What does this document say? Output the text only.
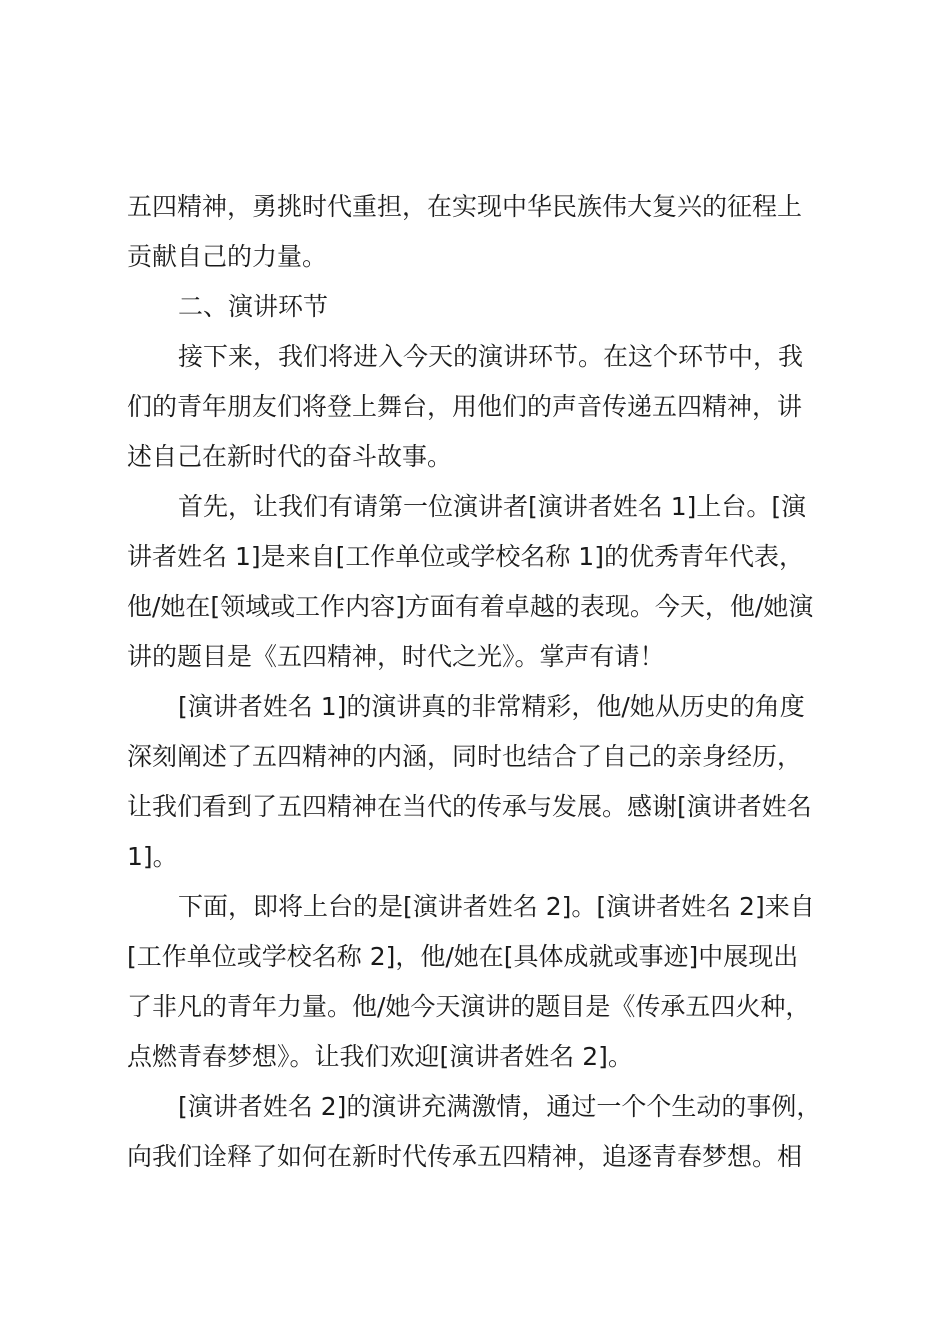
五四精神，勇挑时代重担，在实现中华民族伟大复兴的征程上
贡献自己的力量。
二、演讲环节
接下来，我们将进入今天的演讲环节。在这个环节中，我
们的青年朋友们将登上舞台，用他们的声音传递五四精神，讲
述自己在新时代的奋斗故事。
首先，让我们有请第一位演讲者[演讲者姓名 1]上台。[演
讲者姓名 1]是来自[工作单位或学校名称 1]的优秀青年代表，
他/她在[领域或工作内容]方面有着卓越的表现。今天，他/她演
讲的题目是《五四精神，时代之光》。掌声有请！
[演讲者姓名 1]的演讲真的非常精彩，他/她从历史的角度
深刻阐述了五四精神的内涵，同时也结合了自己的亲身经历，
让我们看到了五四精神在当代的传承与发展。感谢[演讲者姓名
1]。
下面，即将上台的是[演讲者姓名 2]。[演讲者姓名 2]来自
[工作单位或学校名称 2]，他/她在[具体成就或事迹]中展现出
了非凡的青年力量。他/她今天演讲的题目是《传承五四火种，
点燃青春梦想》。让我们欢迎[演讲者姓名 2]。
[演讲者姓名 2]的演讲充满激情，通过一个个生动的事例，
向我们诠释了如何在新时代传承五四精神，追逐青春梦想。相
